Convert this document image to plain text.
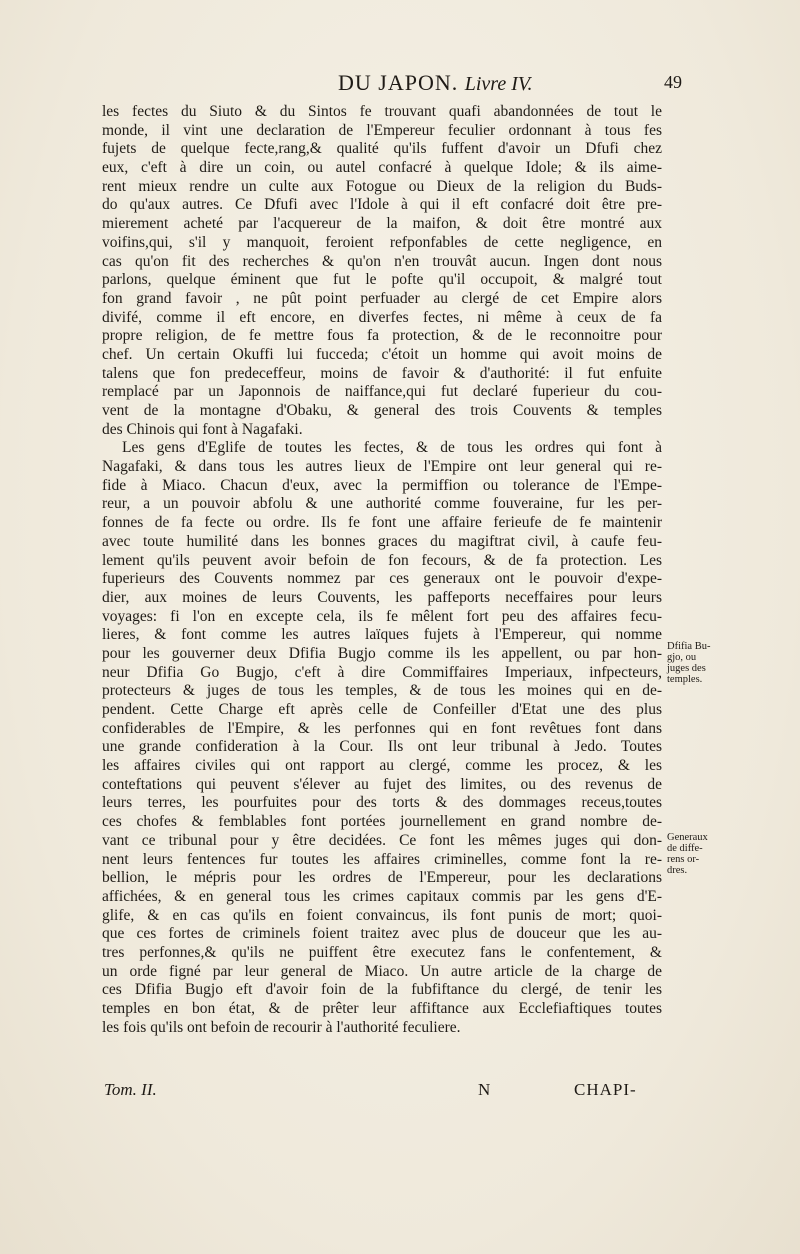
DU JAPON. Livre IV.	49
les fectes du Siuto & du Sintos fe trouvant quafi abandonnées de tout le
monde, il vint une declaration de l'Empereur feculier ordonnant à tous fes
fujets de quelque fecte,rang,& qualité qu'ils fuffent d'avoir un Dfufi chez
eux, c'eft à dire un coin, ou autel confacré à quelque Idole; & ils aime-
rent mieux rendre un culte aux Fotogue ou Dieux de la religion du Buds-
do qu'aux autres. Ce Dfufi avec l'Idole à qui il eft confacré doit être pre-
mierement acheté par l'acquereur de la maifon, & doit être montré aux
voifins,qui, s'il y manquoit, feroient refponfables de cette negligence, en
cas qu'on fit des recherches & qu'on n'en trouvât aucun. Ingen dont nous
parlons, quelque éminent que fut le pofte qu'il occupoit, & malgré tout
fon grand favoir , ne pût point perfuader au clergé de cet Empire alors
divifé, comme il eft encore, en diverfes fectes, ni même à ceux de fa
propre religion, de fe mettre fous fa protection, & de le reconnoitre pour
chef. Un certain Okuffi lui fucceda; c'étoit un homme qui avoit moins de
talens que fon predeceffeur, moins de favoir & d'authorité: il fut enfuite
remplacé par un Japonnois de naiffance,qui fut declaré fuperieur du cou-
vent de la montagne d'Obaku, & general des trois Couvents & temples
des Chinois qui font à Nagafaki.
Les gens d'Eglife de toutes les fectes, & de tous les ordres qui font à
Nagafaki, & dans tous les autres lieux de l'Empire ont leur general qui re-
fide à Miaco. Chacun d'eux, avec la permiffion ou tolerance de l'Empe-
reur, a un pouvoir abfolu & une authorité comme fouveraine, fur les per-
fonnes de fa fecte ou ordre. Ils fe font une affaire ferieufe de fe maintenir
avec toute humilité dans les bonnes graces du magiftrat civil, à caufe feu-
lement qu'ils peuvent avoir befoin de fon fecours, & de fa protection. Les
fuperieurs des Couvents nommez par ces generaux ont le pouvoir d'expe-
dier, aux moines de leurs Couvents, les paffeports neceffaires pour leurs
voyages: fi l'on en excepte cela, ils fe mêlent fort peu des affaires fecu-
lieres, & font comme les autres laïques fujets à l'Empereur, qui nomme
pour les gouverner deux Dfifia Bugjo comme ils les appellent, ou par hon-
neur Dfifia Go Bugjo, c'eft à dire Commiffaires Imperiaux, infpecteurs,
protecteurs & juges de tous les temples, & de tous les moines qui en de-
pendent. Cette Charge eft après celle de Confeiller d'Etat une des plus
confiderables de l'Empire, & les perfonnes qui en font revêtues font dans
une grande confideration à la Cour. Ils ont leur tribunal à Jedo. Toutes
les affaires civiles qui ont rapport au clergé, comme les procez, & les
conteftations qui peuvent s'élever au fujet des limites, ou des revenus de
leurs terres, les pourfuites pour des torts & des dommages receus,toutes
ces chofes & femblables font portées journellement en grand nombre de-
vant ce tribunal pour y être decidées. Ce font les mêmes juges qui don-
nent leurs fentences fur toutes les affaires criminelles, comme font la re-
bellion, le mépris pour les ordres de l'Empereur, pour les declarations
affichées, & en general tous les crimes capitaux commis par les gens d'E-
glife, & en cas qu'ils en foient convaincus, ils font punis de mort; quoi-
que ces fortes de criminels foient traitez avec plus de douceur que les au-
tres perfonnes,& qu'ils ne puiffent être executez fans le confentement, &
un orde figné par leur general de Miaco. Un autre article de la charge de
ces Dfifia Bugjo eft d'avoir foin de la fubfiftance du clergé, de tenir les
temples en bon état, & de prêter leur affiftance aux Ecclefiaftiques toutes
les fois qu'ils ont befoin de recourir à l'authorité feculiere.
Generaux
de diffe-
rens or-
dres.
Dfifia Bu-
gjo, ou
juges des
temples.
Tom. II.	N	CHAPI-
